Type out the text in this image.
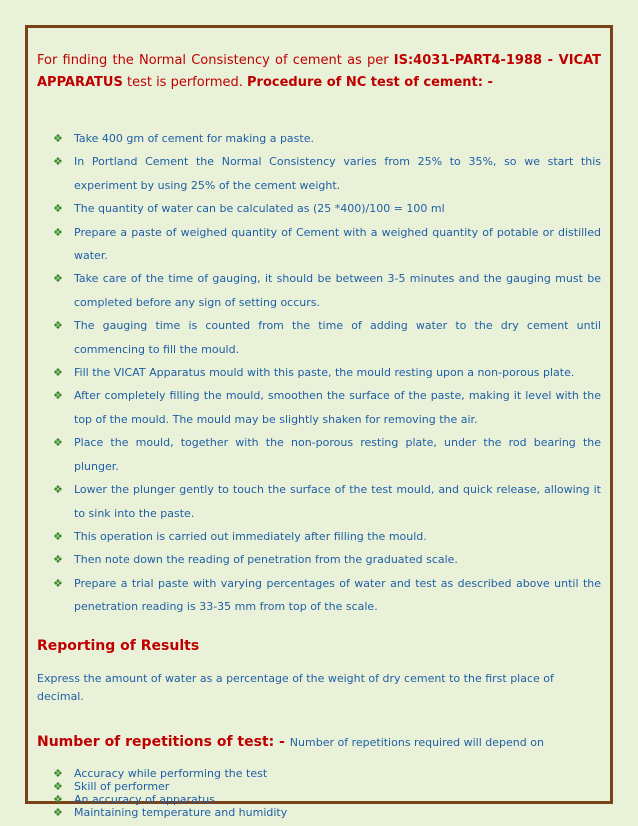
For finding the Normal Consistency of cement as per IS:4031-PART4-1988 - VICAT APPARATUS test is performed. Procedure of NC test of cement: -

❖ Take 400 gm of cement for making a paste.
❖ In Portland Cement the Normal Consistency varies from 25% to 35%, so we start this experiment by using 25% of the cement weight.
❖ The quantity of water can be calculated as (25 *400)/100 = 100 ml
❖ Prepare a paste of weighed quantity of Cement with a weighed quantity of potable or distilled water.
❖ Take care of the time of gauging, it should be between 3-5 minutes and the gauging must be completed before any sign of setting occurs.
❖ The gauging time is counted from the time of adding water to the dry cement until commencing to fill the mould.
❖ Fill the VICAT Apparatus mould with this paste, the mould resting upon a non-porous plate.
❖ After completely filling the mould, smoothen the surface of the paste, making it level with the top of the mould. The mould may be slightly shaken for removing the air.
❖ Place the mould, together with the non-porous resting plate, under the rod bearing the plunger.
❖ Lower the plunger gently to touch the surface of the test mould, and quick release, allowing it to sink into the paste.
❖ This operation is carried out immediately after filling the mould.
❖ Then note down the reading of penetration from the graduated scale.
❖ Prepare a trial paste with varying percentages of water and test as described above until the penetration reading is 33-35 mm from top of the scale.
Reporting of Results

Express the amount of water as a percentage of the weight of dry cement to the first place of decimal.

Number of repetitions of test: - Number of repetitions required will depend on
❖ Accuracy while performing the test
❖ Skill of performer
❖ An accuracy of apparatus
❖ Maintaining temperature and humidity
